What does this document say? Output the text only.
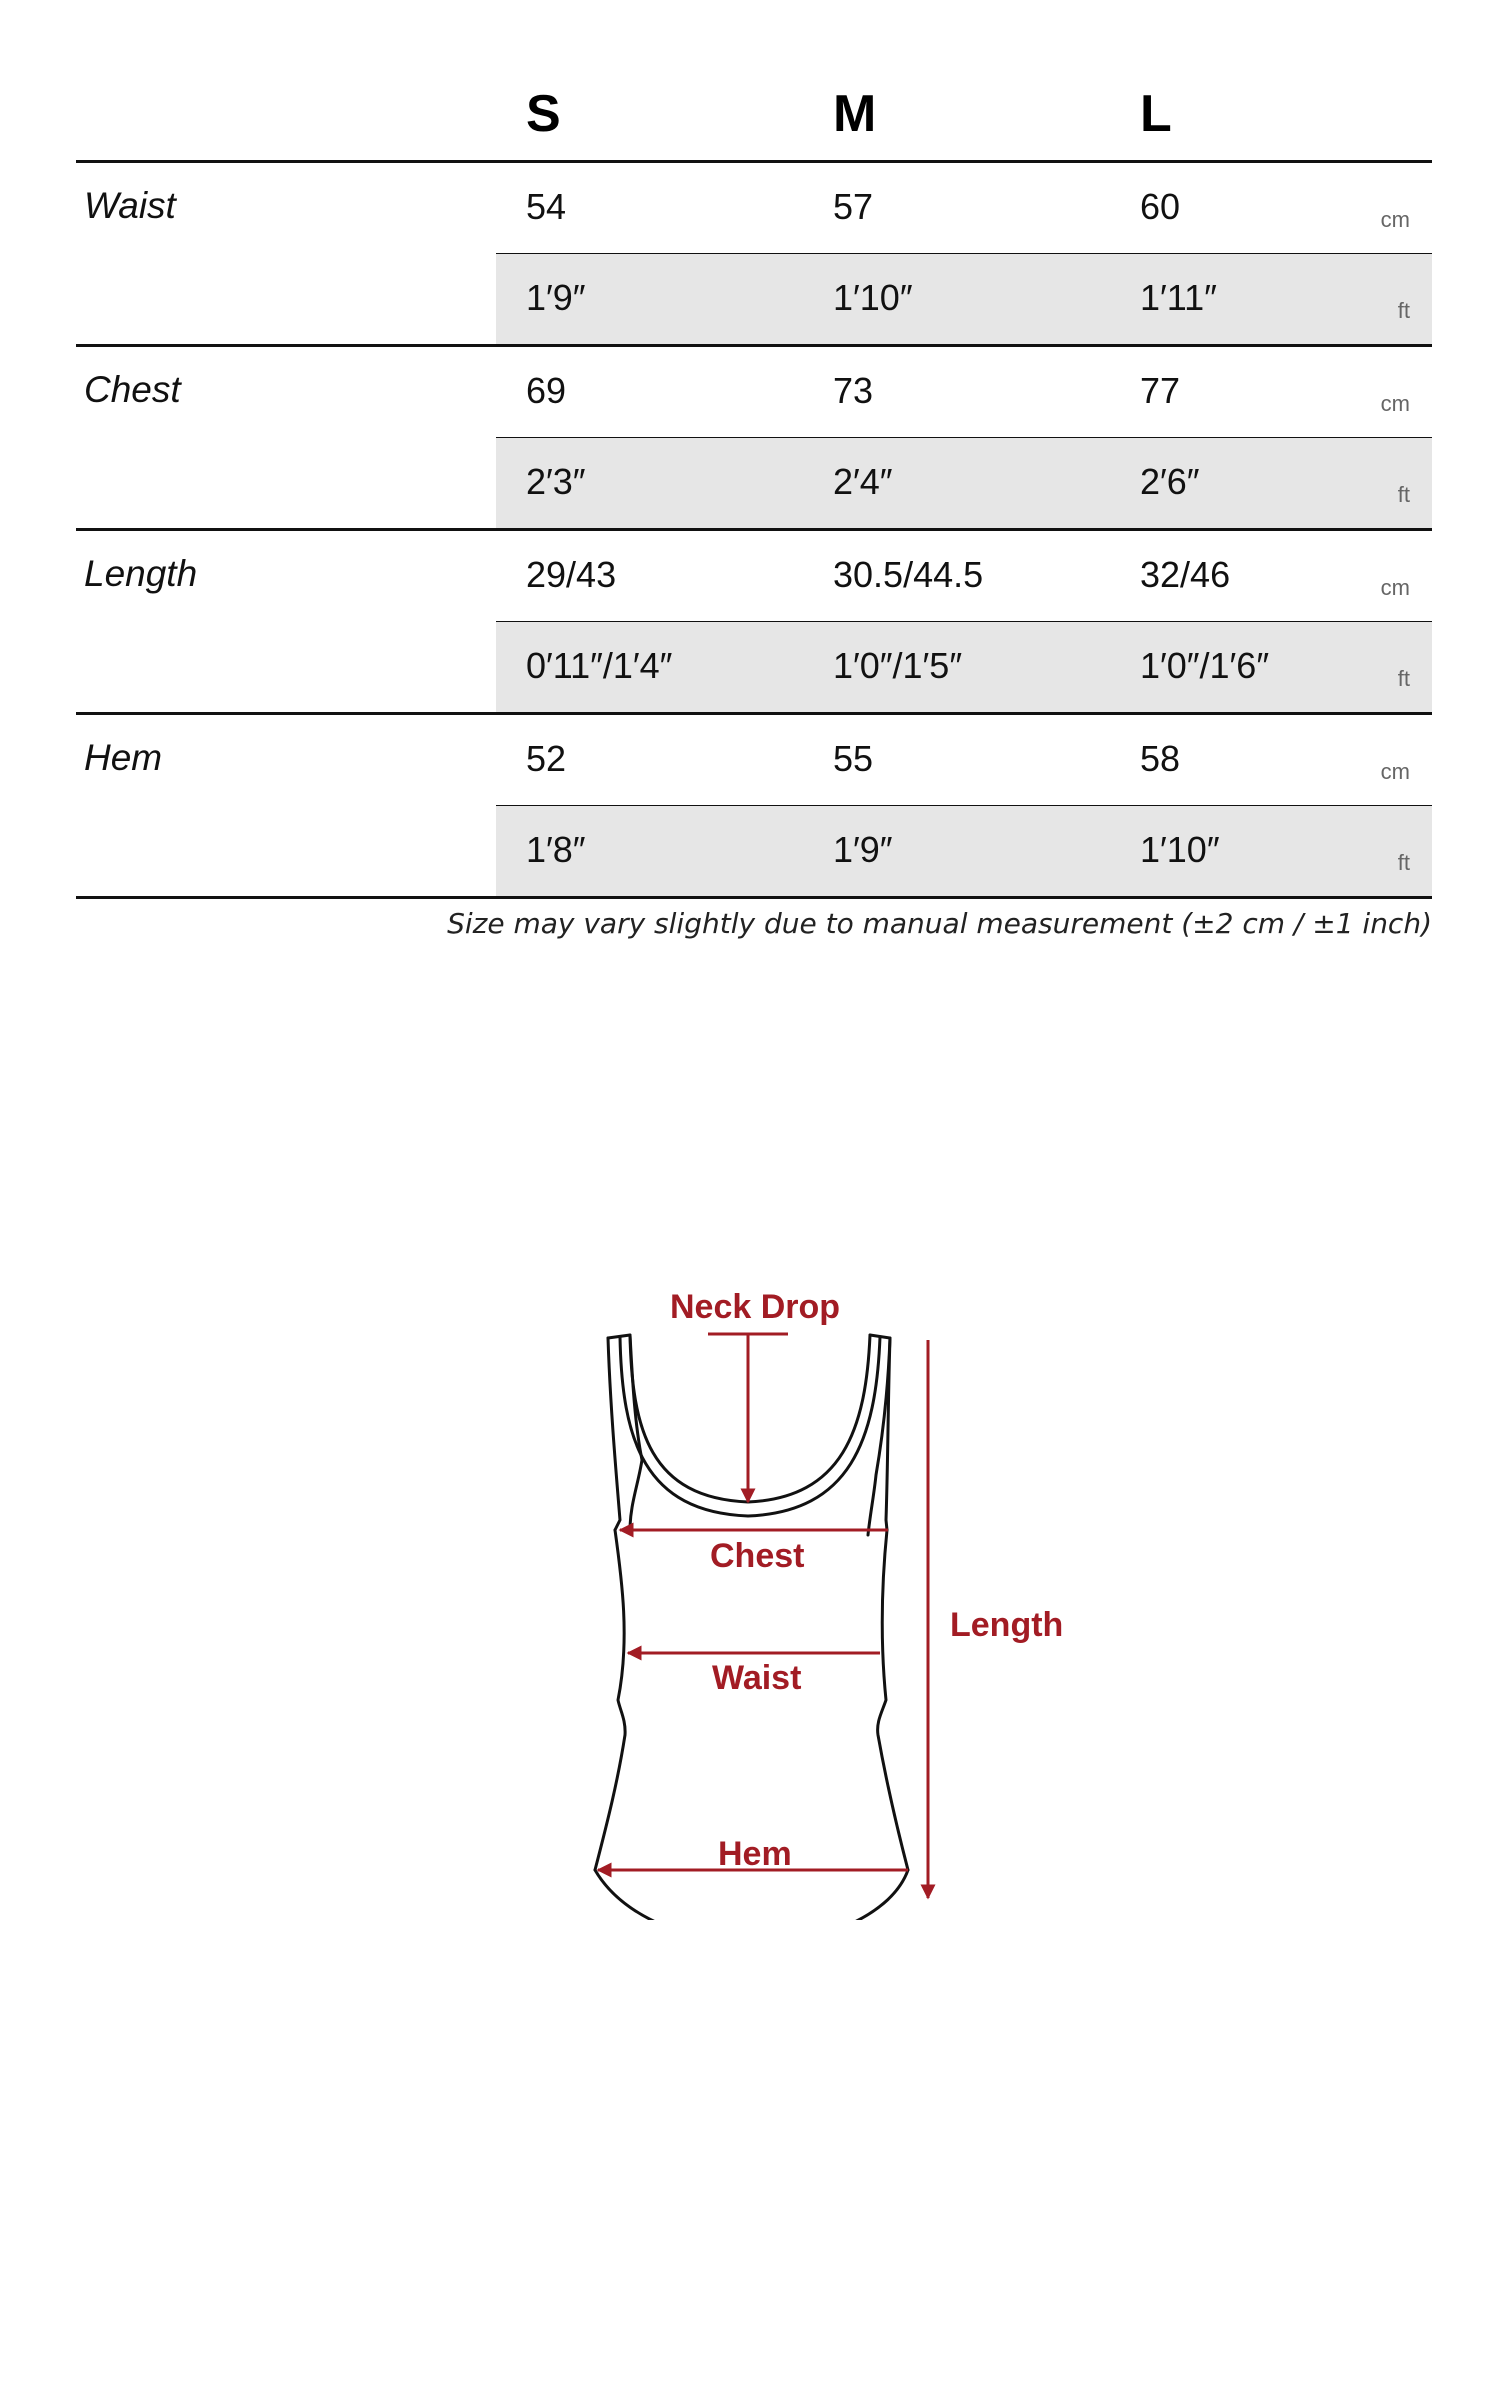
S	M	L
Waist	54	57	60	cm
1′9″	1′10″	1′11″	ft
Chest	69	73	77	cm
2′3″	2′4″	2′6″	ft
Length	29/43	30.5/44.5	32/46	cm
0′11″/1′4″	1′0″/1′5″	1′0″/1′6″	ft
Hem	52	55	58	cm
1′8″	1′9″	1′10″	ft
Size may vary slightly due to manual measurement (±2 cm / ±1 inch)
Neck Drop
Chest
Waist
Hem
Length
